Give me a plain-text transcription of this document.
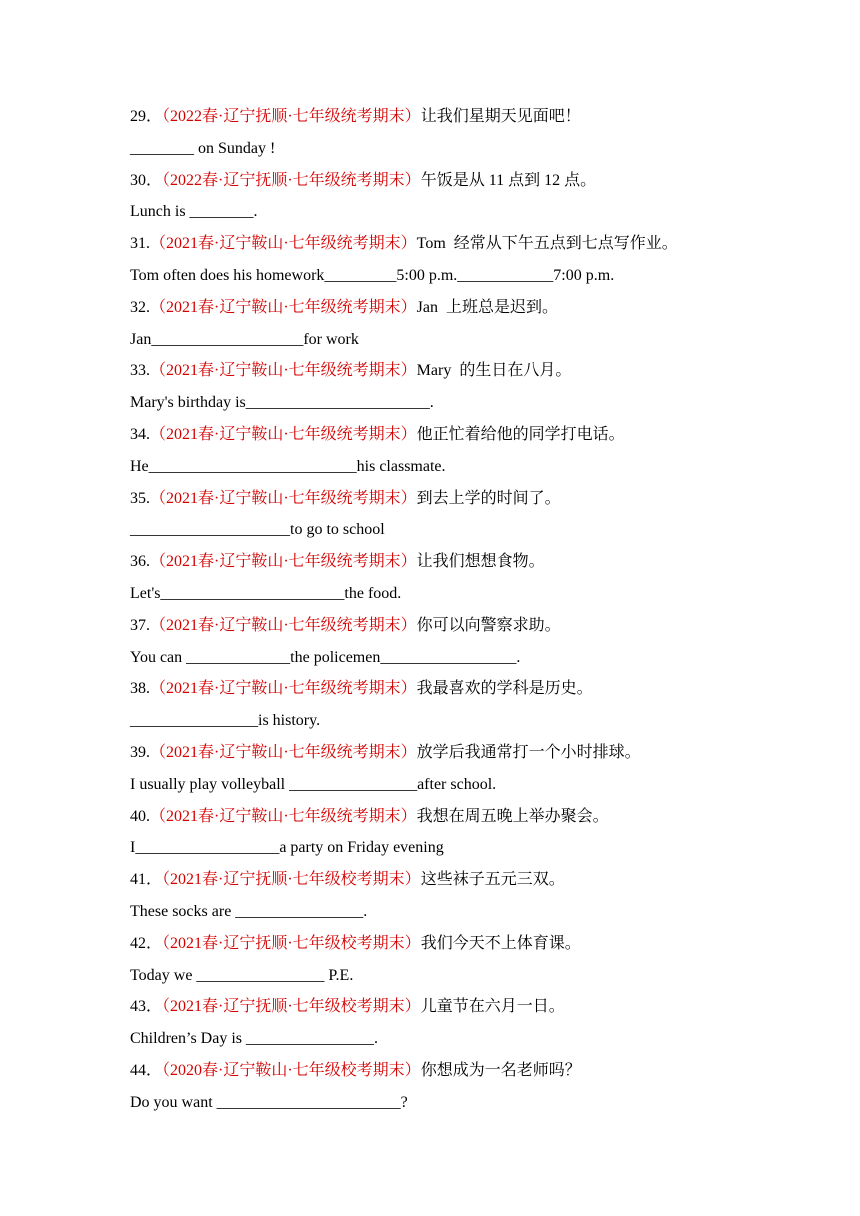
29．（2022春·辽宁抚顺·七年级统考期末）让我们星期天见面吧！
________ on Sunday !
30．（2022春·辽宁抚顺·七年级统考期末）午饭是从 11 点到 12 点。
Lunch is ________.
31.（2021春·辽宁鞍山·七年级统考期末）Tom  经常从下午五点到七点写作业。
Tom often does his homework_________5:00 p.m.____________7:00 p.m.
32.（2021春·辽宁鞍山·七年级统考期末）Jan  上班总是迟到。
Jan___________________for work
33.（2021春·辽宁鞍山·七年级统考期末）Mary  的生日在八月。
Mary's birthday is_______________________.
34.（2021春·辽宁鞍山·七年级统考期末）他正忙着给他的同学打电话。
He__________________________his classmate.
35.（2021春·辽宁鞍山·七年级统考期末）到去上学的时间了。
____________________to go to school
36.（2021春·辽宁鞍山·七年级统考期末）让我们想想食物。
Let's_______________________the food.
37.（2021春·辽宁鞍山·七年级统考期末）你可以向警察求助。
You can _____________the policemen_________________.
38.（2021春·辽宁鞍山·七年级统考期末）我最喜欢的学科是历史。
________________is history.
39.（2021春·辽宁鞍山·七年级统考期末）放学后我通常打一个小时排球。
I usually play volleyball ________________after school.
40.（2021春·辽宁鞍山·七年级统考期末）我想在周五晚上举办聚会。
I__________________a party on Friday evening
41．（2021春·辽宁抚顺·七年级校考期末）这些袜子五元三双。
These socks are ________________.
42．（2021春·辽宁抚顺·七年级校考期末）我们今天不上体育课。
Today we ________________ P.E.
43．（2021春·辽宁抚顺·七年级校考期末）儿童节在六月一日。
Children’s Day is ________________.
44．（2020春·辽宁鞍山·七年级校考期末）你想成为一名老师吗？
Do you want _______________________?
